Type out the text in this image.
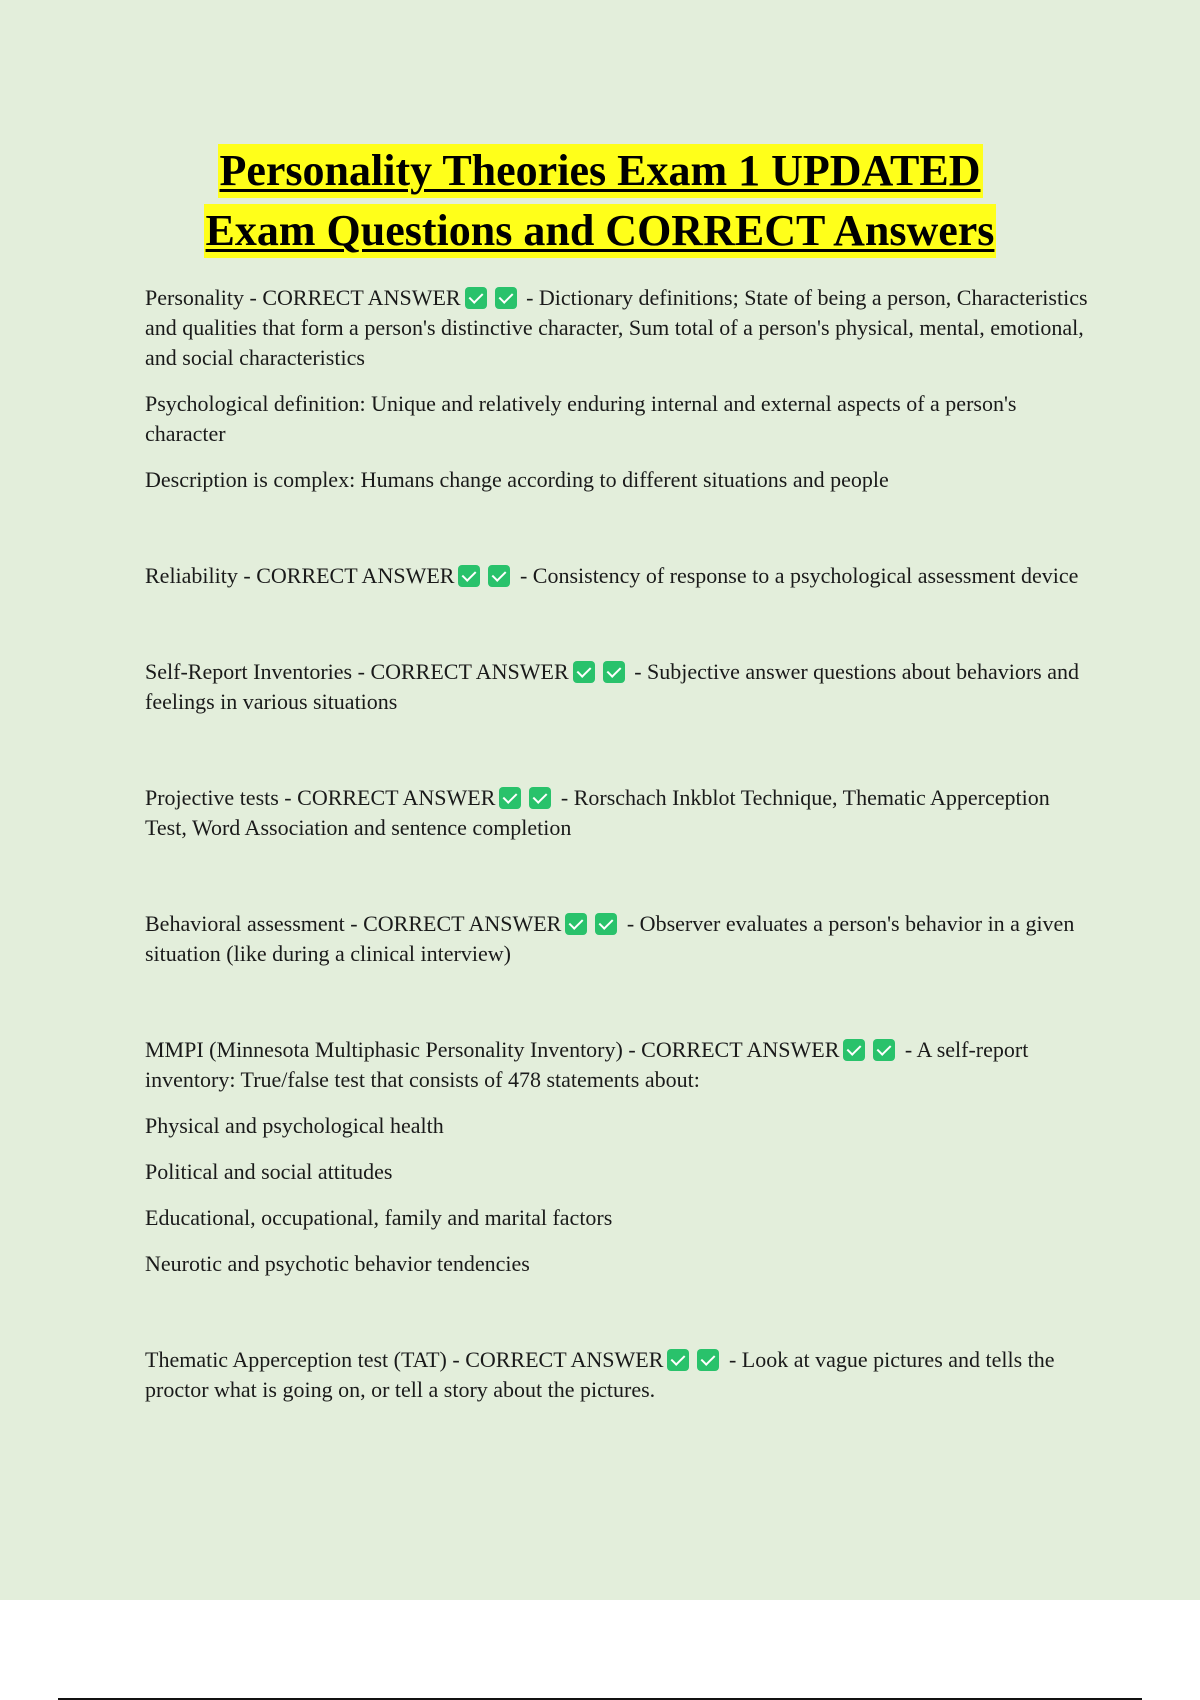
Personality Theories Exam 1 UPDATED
Exam Questions and CORRECT Answers

Personality - CORRECT ANSWER	- Dictionary definitions; State of being a person, Characteristics and qualities that form a person's distinctive character, Sum total of a person's physical, mental, emotional, and social characteristics

Psychological definition: Unique and relatively enduring internal and external aspects of a person's character

Description is complex: Humans change according to different situations and people

Reliability - CORRECT ANSWER	- Consistency of response to a psychological assessment device

Self-Report Inventories - CORRECT ANSWER	- Subjective answer questions about behaviors and feelings in various situations

Projective tests - CORRECT ANSWER	- Rorschach Inkblot Technique, Thematic Apperception Test, Word Association and sentence completion

Behavioral assessment - CORRECT ANSWER	- Observer evaluates a person's behavior in a given situation (like during a clinical interview)

MMPI (Minnesota Multiphasic Personality Inventory) - CORRECT ANSWER	- A self-report inventory: True/false test that consists of 478 statements about:

Physical and psychological health

Political and social attitudes

Educational, occupational, family and marital factors

Neurotic and psychotic behavior tendencies

Thematic Apperception test (TAT) - CORRECT ANSWER	- Look at vague pictures and tells the proctor what is going on, or tell a story about the pictures.
